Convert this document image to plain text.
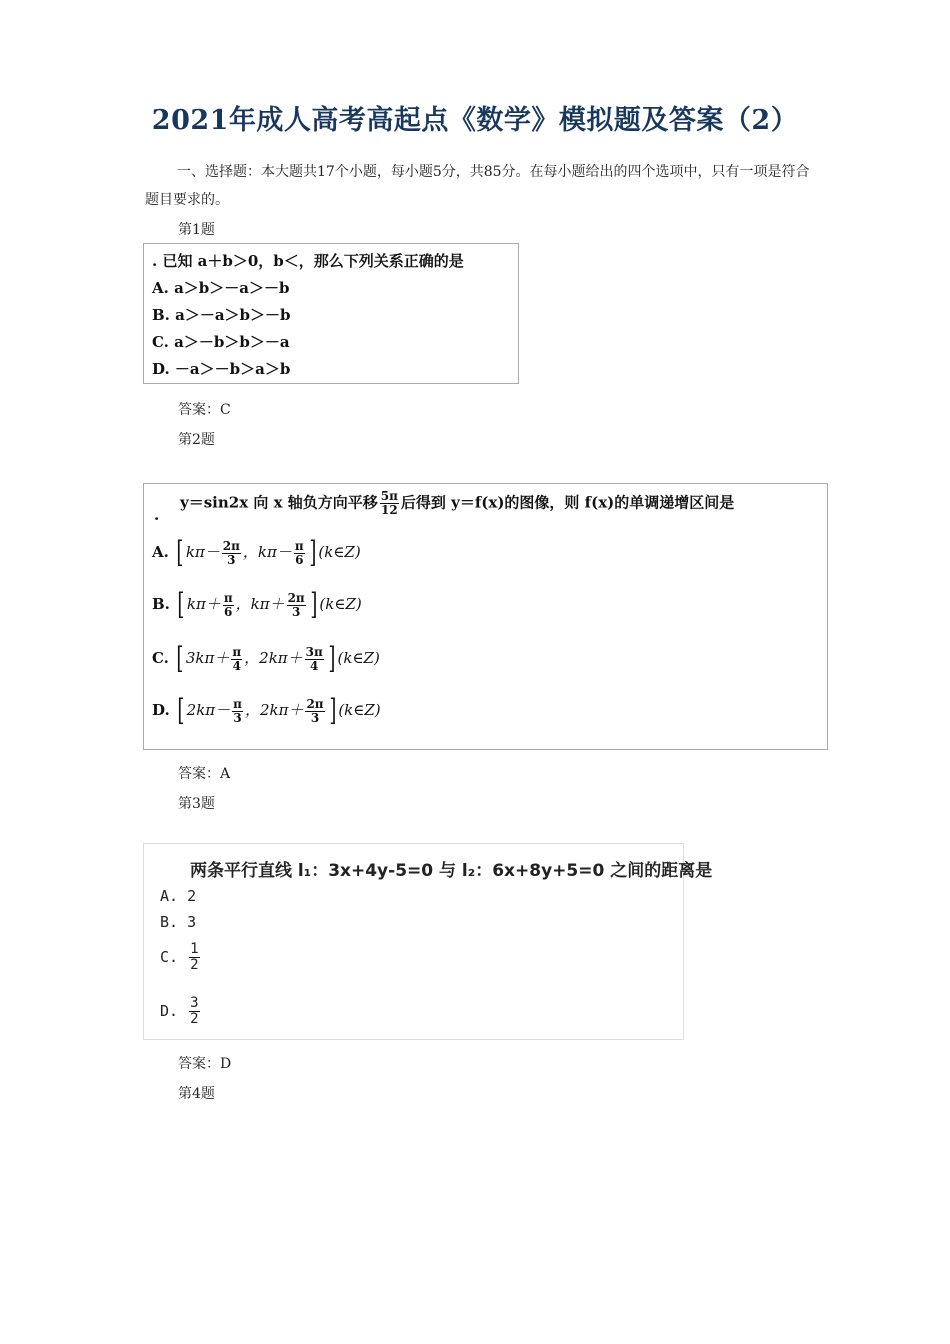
2021年成人高考高起点《数学》模拟题及答案（2）
一、选择题：本大题共17个小题，每小题5分，共85分。在每小题给出的四个选项中，只有一项是符合题目要求的。
第1题
. 已知 a＋b＞0，b＜，那么下列关系正确的是
A. a＞b＞－a＞－b
B. a＞－a＞b＞－b
C. a＞－b＞b＞－a
D. －a＞－b＞a＞b
答案：C
第2题
.
y＝sin2x 向 x 轴负方向平移 $\frac{5\pi}{12}$ 后得到 y＝f(x)的图像，则 f(x)的单调递增区间是
A. [ $k\pi- \frac{2\pi}{3}$ ，$k\pi- \frac{\pi}{6}$ ] (k∈Z)
B. [ $k\pi+ \frac{\pi}{6}$ ，$k\pi+ \frac{2\pi}{3}$ ] (k∈Z)
C. [ $3k\pi+ \frac{\pi}{4}$ ，$2k\pi+ \frac{3\pi}{4}$ ] (k∈Z)
D. [ $2k\pi- \frac{\pi}{3}$ ，$2k\pi+ \frac{2\pi}{3}$ ] (k∈Z)
答案：A
第3题
两条平行直线 l₁：3x+4y-5=0 与 l₂：6x+8y+5=0 之间的距离是
A. 2
B. 3
C. $\frac{1}{2}$
D. $\frac{3}{2}$
答案：D
第4题
